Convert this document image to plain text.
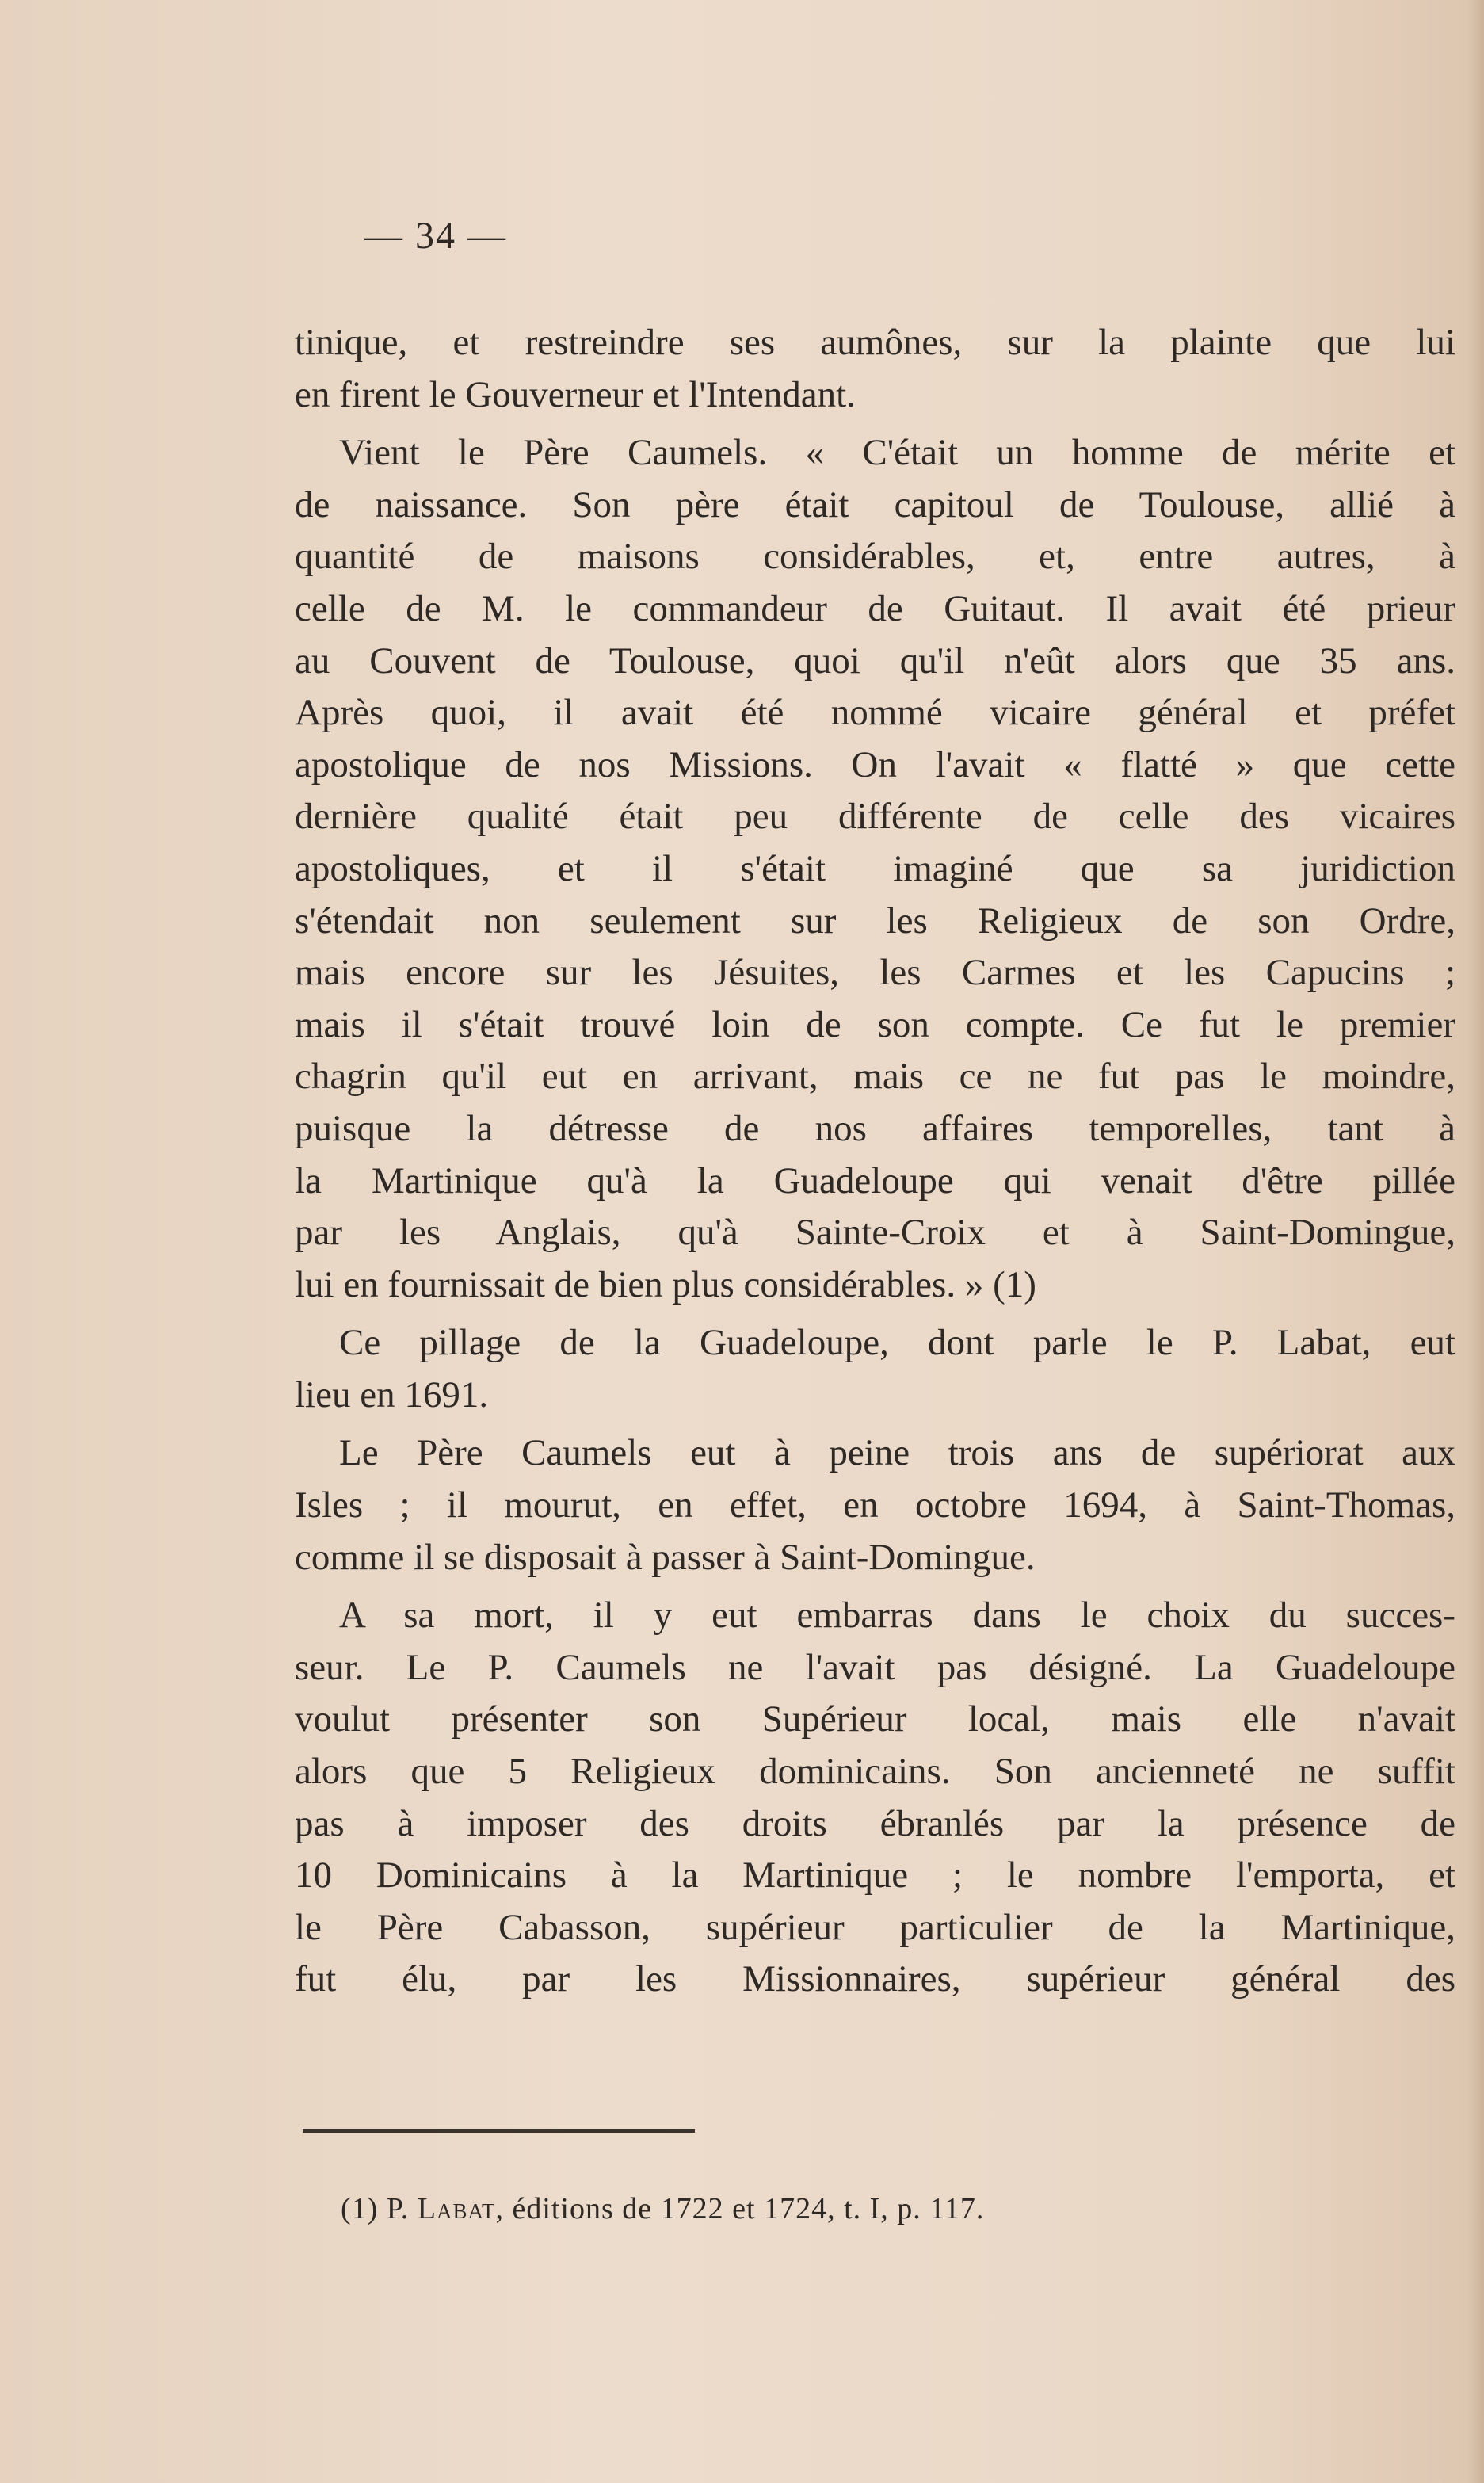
— 34 —

tinique, et restreindre ses aumônes, sur la plainte que lui
en firent le Gouverneur et l'Intendant.

Vient le Père Caumels. « C'était un homme de mérite et
de naissance. Son père était capitoul de Toulouse, allié à
quantité de maisons considérables, et, entre autres, à
celle de M. le commandeur de Guitaut. Il avait été prieur
au Couvent de Toulouse, quoi qu'il n'eût alors que 35 ans.
Après quoi, il avait été nommé vicaire général et préfet
apostolique de nos Missions. On l'avait « flatté » que cette
dernière qualité était peu différente de celle des vicaires
apostoliques, et il s'était imaginé que sa juridiction
s'étendait non seulement sur les Religieux de son Ordre,
mais encore sur les Jésuites, les Carmes et les Capucins ;
mais il s'était trouvé loin de son compte. Ce fut le premier
chagrin qu'il eut en arrivant, mais ce ne fut pas le moindre,
puisque la détresse de nos affaires temporelles, tant à
la Martinique qu'à la Guadeloupe qui venait d'être pillée
par les Anglais, qu'à Sainte-Croix et à Saint-Domingue,
lui en fournissait de bien plus considérables. » (1)

Ce pillage de la Guadeloupe, dont parle le P. Labat, eut
lieu en 1691.

Le Père Caumels eut à peine trois ans de supériorat aux
Isles ; il mourut, en effet, en octobre 1694, à Saint-Thomas,
comme il se disposait à passer à Saint-Domingue.

A sa mort, il y eut embarras dans le choix du succes-
seur. Le P. Caumels ne l'avait pas désigné. La Guadeloupe
voulut présenter son Supérieur local, mais elle n'avait
alors que 5 Religieux dominicains. Son ancienneté ne suffit
pas à imposer des droits ébranlés par la présence de
10 Dominicains à la Martinique ; le nombre l'emporta, et
le Père Cabasson, supérieur particulier de la Martinique,
fut élu, par les Missionnaires, supérieur général des

(1) P. Labat, éditions de 1722 et 1724, t. I, p. 117.
